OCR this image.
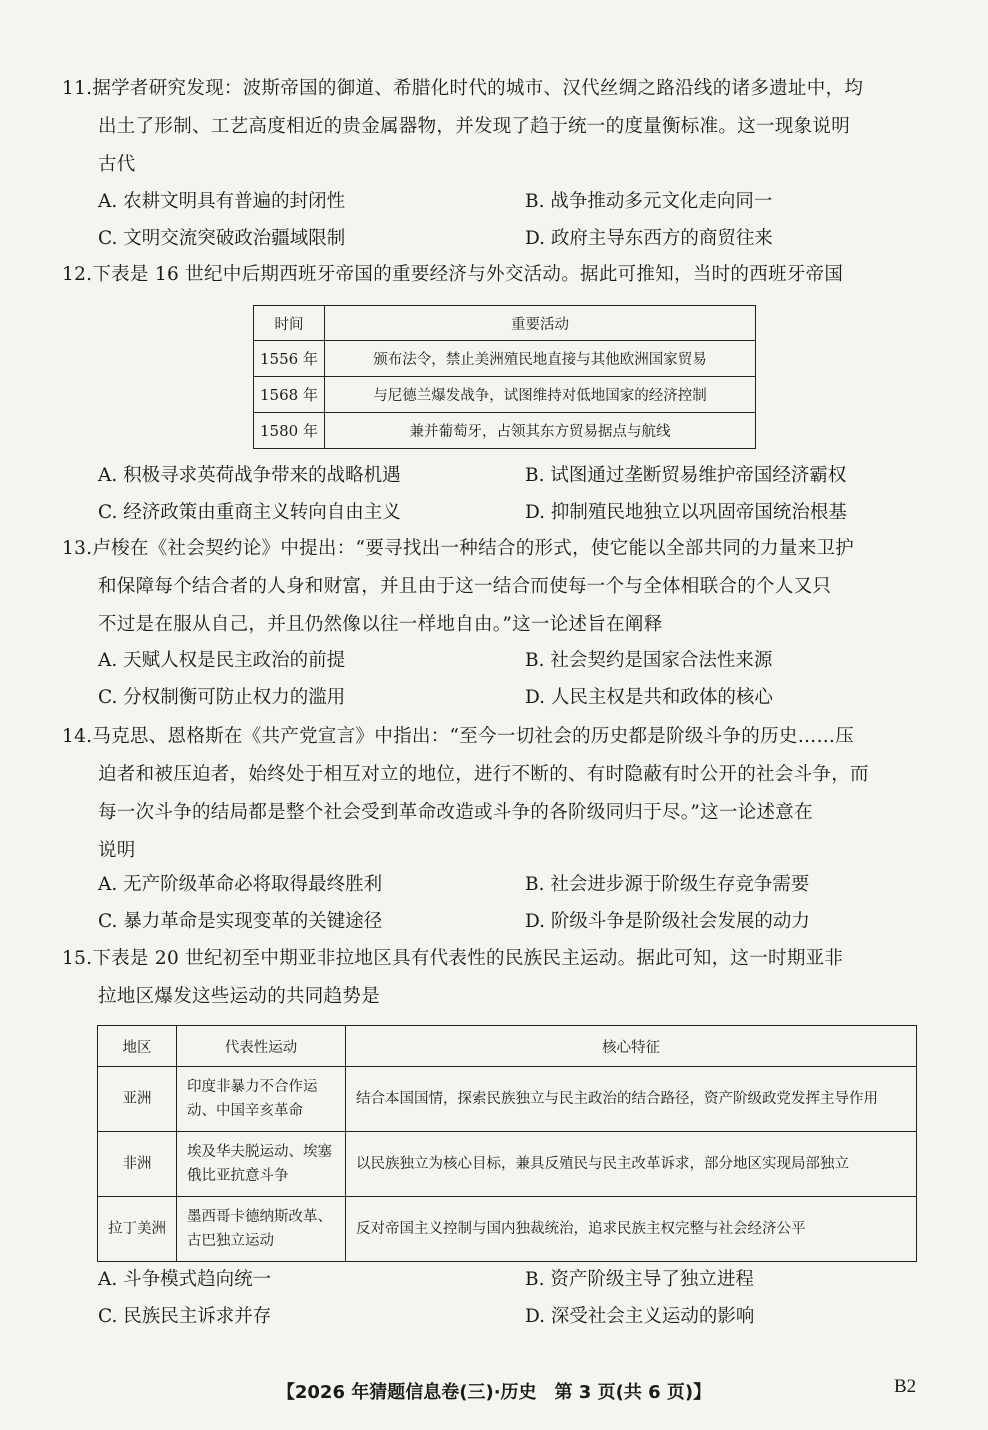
11.据学者研究发现：波斯帝国的御道、希腊化时代的城市、汉代丝绸之路沿线的诸多遗址中，均
出土了形制、工艺高度相近的贵金属器物，并发现了趋于统一的度量衡标准。这一现象说明
古代
A. 农耕文明具有普遍的封闭性	B. 战争推动多元文化走向同一
C. 文明交流突破政治疆域限制	D. 政府主导东西方的商贸往来
12.下表是 16 世纪中后期西班牙帝国的重要经济与外交活动。据此可推知，当时的西班牙帝国
时间	重要活动
1556 年	颁布法令，禁止美洲殖民地直接与其他欧洲国家贸易
1568 年	与尼德兰爆发战争，试图维持对低地国家的经济控制
1580 年	兼并葡萄牙，占领其东方贸易据点与航线
A. 积极寻求英荷战争带来的战略机遇	B. 试图通过垄断贸易维护帝国经济霸权
C. 经济政策由重商主义转向自由主义	D. 抑制殖民地独立以巩固帝国统治根基
13.卢梭在《社会契约论》中提出：“要寻找出一种结合的形式，使它能以全部共同的力量来卫护
和保障每个结合者的人身和财富，并且由于这一结合而使每一个与全体相联合的个人又只
不过是在服从自己，并且仍然像以往一样地自由。”这一论述旨在阐释
A. 天赋人权是民主政治的前提	B. 社会契约是国家合法性来源
C. 分权制衡可防止权力的滥用	D. 人民主权是共和政体的核心
14.马克思、恩格斯在《共产党宣言》中指出：“至今一切社会的历史都是阶级斗争的历史……压
迫者和被压迫者，始终处于相互对立的地位，进行不断的、有时隐蔽有时公开的社会斗争，而
每一次斗争的结局都是整个社会受到革命改造或斗争的各阶级同归于尽。”这一论述意在
说明
A. 无产阶级革命必将取得最终胜利	B. 社会进步源于阶级生存竞争需要
C. 暴力革命是实现变革的关键途径	D. 阶级斗争是阶级社会发展的动力
15.下表是 20 世纪初至中期亚非拉地区具有代表性的民族民主运动。据此可知，这一时期亚非
拉地区爆发这些运动的共同趋势是
地区	代表性运动	核心特征
亚洲	印度非暴力不合作运动、中国辛亥革命	结合本国国情，探索民族独立与民主政治的结合路径，资产阶级政党发挥主导作用
非洲	埃及华夫脱运动、埃塞俄比亚抗意斗争	以民族独立为核心目标，兼具反殖民与民主改革诉求，部分地区实现局部独立
拉丁美洲	墨西哥卡德纳斯改革、古巴独立运动	反对帝国主义控制与国内独裁统治，追求民族主权完整与社会经济公平
A. 斗争模式趋向统一	B. 资产阶级主导了独立进程
C. 民族民主诉求并存	D. 深受社会主义运动的影响
【2026 年猜题信息卷(三)·历史　第 3 页(共 6 页)】	B2
